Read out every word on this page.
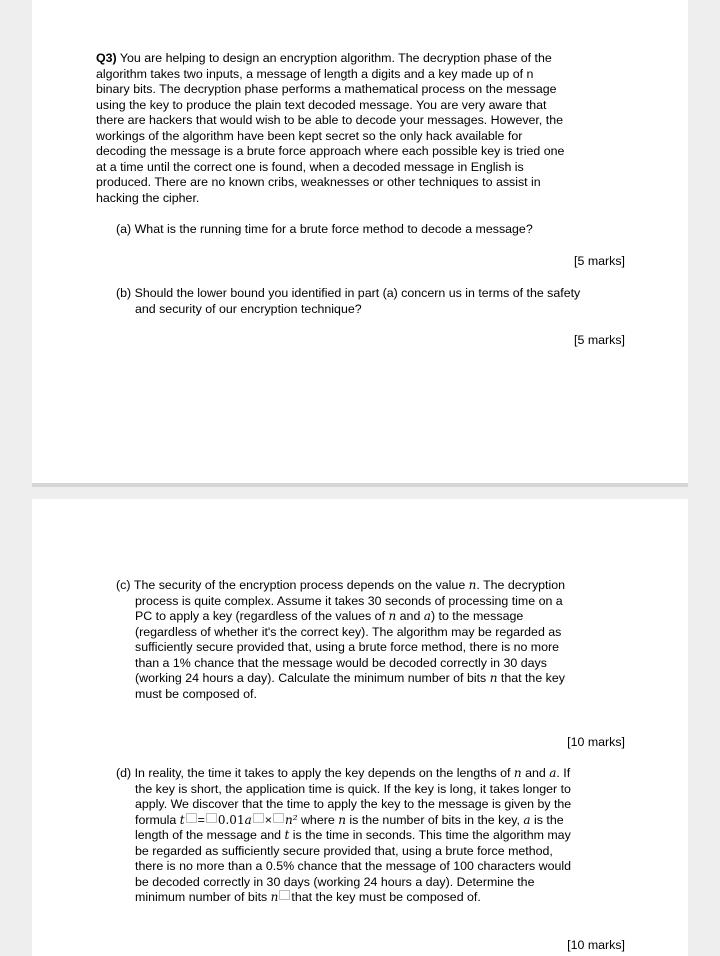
Q3) You are helping to design an encryption algorithm. The decryption phase of the algorithm takes two inputs, a message of length a digits and a key made up of n binary bits. The decryption phase performs a mathematical process on the message using the key to produce the plain text decoded message. You are very aware that there are hackers that would wish to be able to decode your messages. However, the workings of the algorithm have been kept secret so the only hack available for decoding the message is a brute force approach where each possible key is tried one at a time until the correct one is found, when a decoded message in English is produced. There are no known cribs, weaknesses or other techniques to assist in hacking the cipher.
(a) What is the running time for a brute force method to decode a message?
[5 marks]
(b) Should the lower bound you identified in part (a) concern us in terms of the safety and security of our encryption technique?
[5 marks]
(c) The security of the encryption process depends on the value n. The decryption process is quite complex. Assume it takes 30 seconds of processing time on a PC to apply a key (regardless of the values of n and a) to the message (regardless of whether it's the correct key). The algorithm may be regarded as sufficiently secure provided that, using a brute force method, there is no more than a 1% chance that the message would be decoded correctly in 30 days (working 24 hours a day). Calculate the minimum number of bits n that the key must be composed of.
[10 marks]
(d) In reality, the time it takes to apply the key depends on the lengths of n and a. If the key is short, the application time is quick. If the key is long, it takes longer to apply. We discover that the time to apply the key to the message is given by the formula t = 0.01a × n² where n is the number of bits in the key, a is the length of the message and t is the time in seconds. This time the algorithm may be regarded as sufficiently secure provided that, using a brute force method, there is no more than a 0.5% chance that the message of 100 characters would be decoded correctly in 30 days (working 24 hours a day). Determine the minimum number of bits n that the key must be composed of.
[10 marks]
